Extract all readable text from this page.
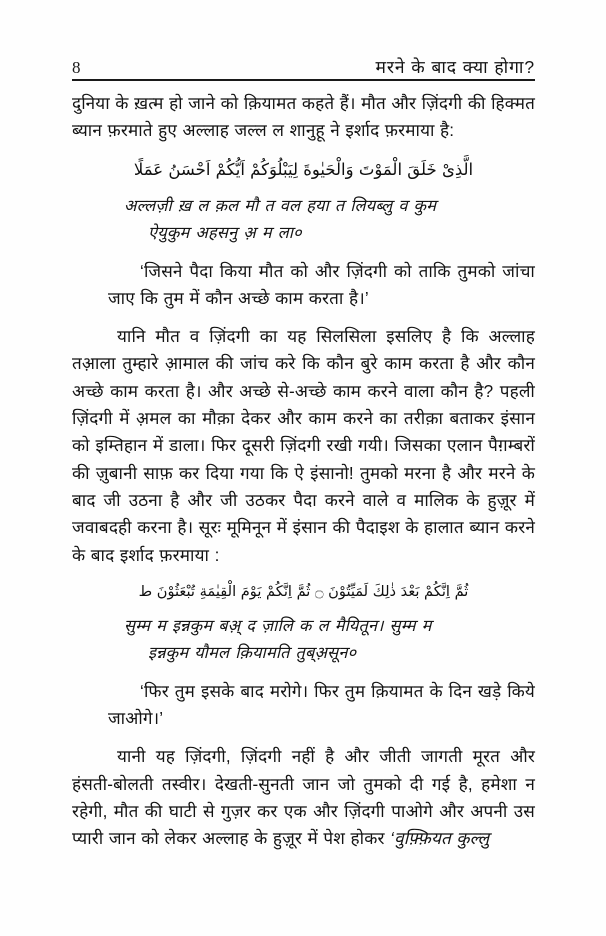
8	मरने के बाद क्या होगा?

दुनिया के ख़त्म हो जाने को क़ियामत कहते हैं। मौत और ज़िंदगी की हिक्मत ब्यान फ़रमाते हुए अल्लाह जल्ल ल शानुहू ने इर्शाद फ़रमाया है:

الَّذِىْ خَلَقَ الْمَوْتَ وَالْحَيٰوةَ لِيَبْلُوَكُمْ اَيُّكُمْ اَحْسَنُ عَمَلًا

अल्लज़ी ख़ ल क़ल मौ त वल हया त लियब्लु व कुम
ऐयुकुम अहसनु अ़ म ला०

‘जिसने पैदा किया मौत को और ज़िंदगी को ताकि तुमको जांचा जाए कि तुम में कौन अच्छे काम करता है।’

यानि मौत व ज़िंदगी का यह सिलसिला इसलिए है कि अल्लाह तआ़ला तुम्हारे आ़माल की जांच करे कि कौन बुरे काम करता है और कौन अच्छे काम करता है। और अच्छे से-अच्छे काम करने वाला कौन है? पहली ज़िंदगी में अ़मल का मौक़ा देकर और काम करने का तरीक़ा बताकर इंसान को इम्तिहान में डाला। फिर दूसरी ज़िंदगी रखी गयी। जिसका एलान पैग़म्बरों की ज़ुबानी साफ़ कर दिया गया कि ऐ इंसानो! तुमको मरना है और मरने के बाद जी उठना है और जी उठकर पैदा करने वाले व मालिक के हुज़ूर में जवाबदही करना है। सूरः मूमिनून में इंसान की पैदाइश के हालात ब्यान करने के बाद इर्शाद फ़रमाया :

ثُمَّ اِنَّكُمْ بَعْدَ ذٰلِكَ لَمَيِّتُوْنَ ۝ ثُمَّ اِنَّكُمْ يَوْمَ الْقِيٰمَةِ تُبْعَثُوْنَ ط

सुम्म म इन्नकुम बअ़् द ज़ालि क ल मैयितून। सुम्म म
इन्नकुम यौमल क़ियामति तुब्अ़सून०

‘फिर तुम इसके बाद मरोगे। फिर तुम क़ियामत के दिन खड़े किये जाओगे।’

यानी यह ज़िंदगी, ज़िंदगी नहीं है और जीती जागती मूरत और हंसती-बोलती तस्वीर। देखती-सुनती जान जो तुमको दी गई है, हमेशा न रहेगी, मौत की घाटी से गुज़र कर एक और ज़िंदगी पाओगे और अपनी उस प्यारी जान को लेकर अल्लाह के हुज़ूर में पेश होकर ‘वुफ़्फ़ियत कुल्लु
